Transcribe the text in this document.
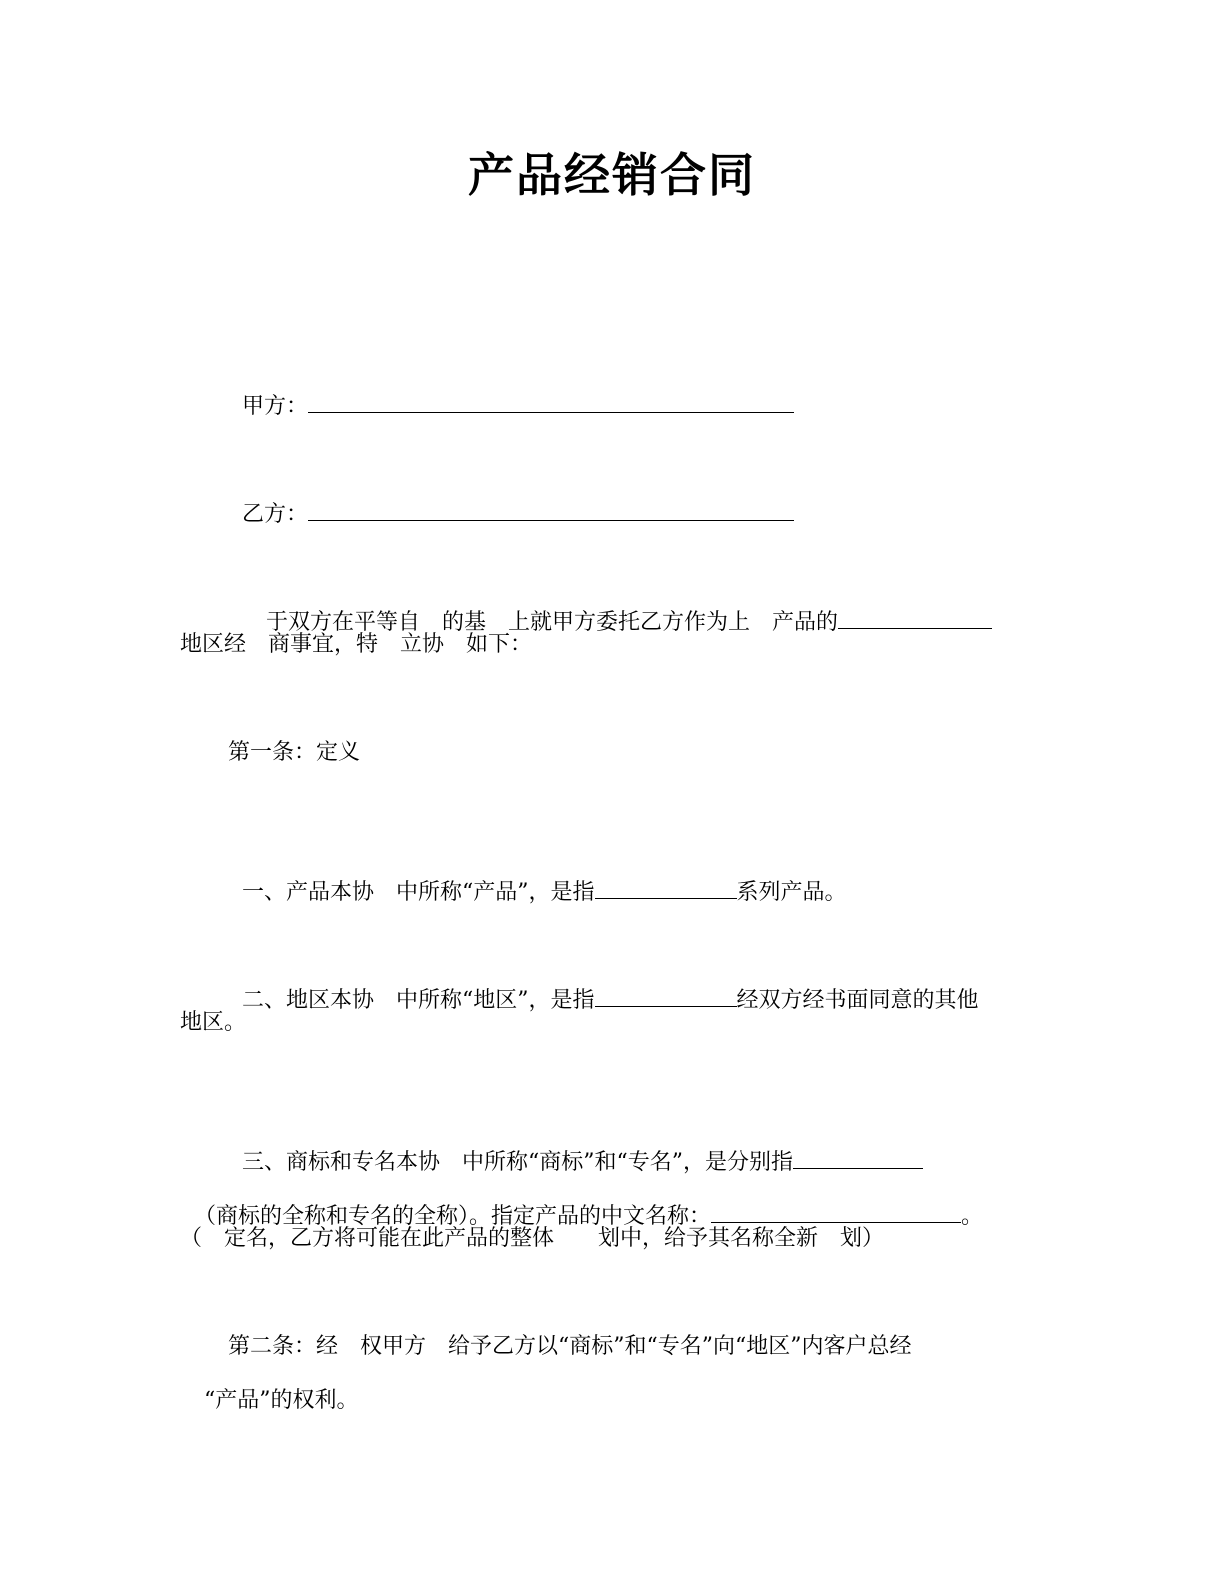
产品经销合同

甲方：

乙方：

于双方在平等自　的基　上就甲方委托乙方作为上　产品的

地区经　商事宜，特　立协　如下：
第一条：定义

一、产品本协　中所称“产品”，是指	系列产品。

二、地区本协　中所称“地区”，是指	经双方经书面同意的其他

地区。

三、商标和专名本协　中所称“商标”和“专名”，是分别指

（商标的全称和专名的全称）。指定产品的中文名称：	。

（　定名，乙方将可能在此产品的整体　　划中，给予其名称全新　划）
第二条：经　权甲方　给予乙方以“商标”和“专名”向“地区”内客户总经
“产品”的权利。
